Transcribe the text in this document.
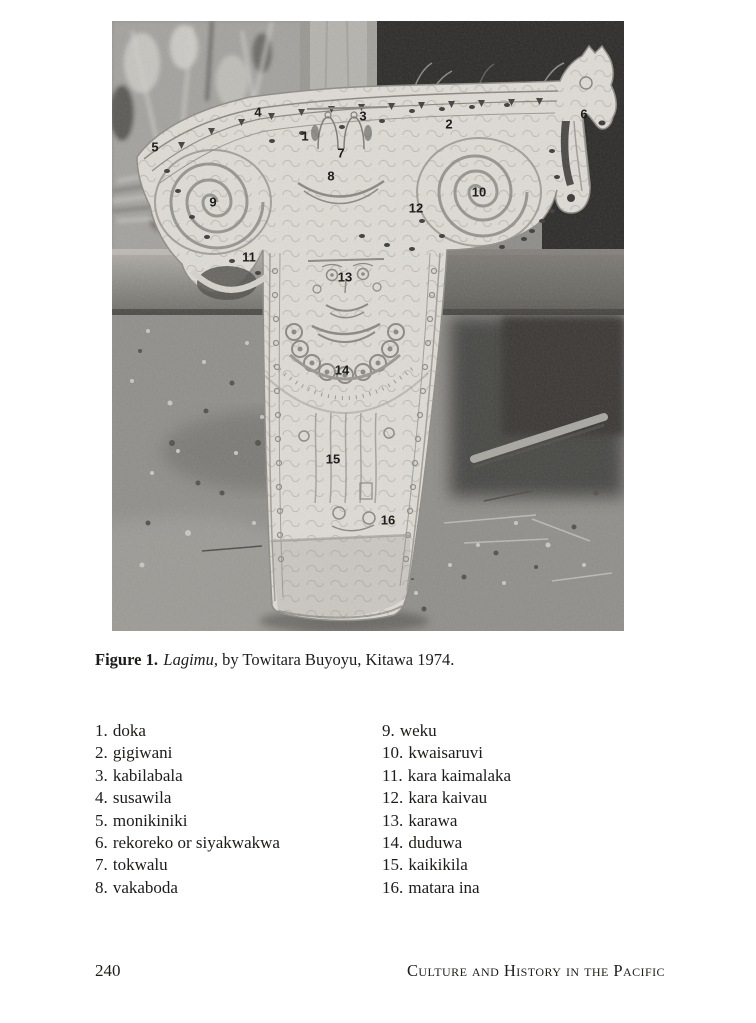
1
2
3
4
5
6
7
8
9
10
11
12
13
14
15
16
Figure 1. Lagimu, by Towitara Buyoyu, Kitawa 1974.
1. doka
2. gigiwani
3. kabilabala
4. susawila
5. monikiniki
6. rekoreko or siyakwakwa
7. tokwalu
8. vakaboda
9. weku
10. kwaisaruvi
11. kara kaimalaka
12. kara kaivau
13. karawa
14. duduwa
15. kaikikila
16. matara ina
240	Culture and History in the Pacific
